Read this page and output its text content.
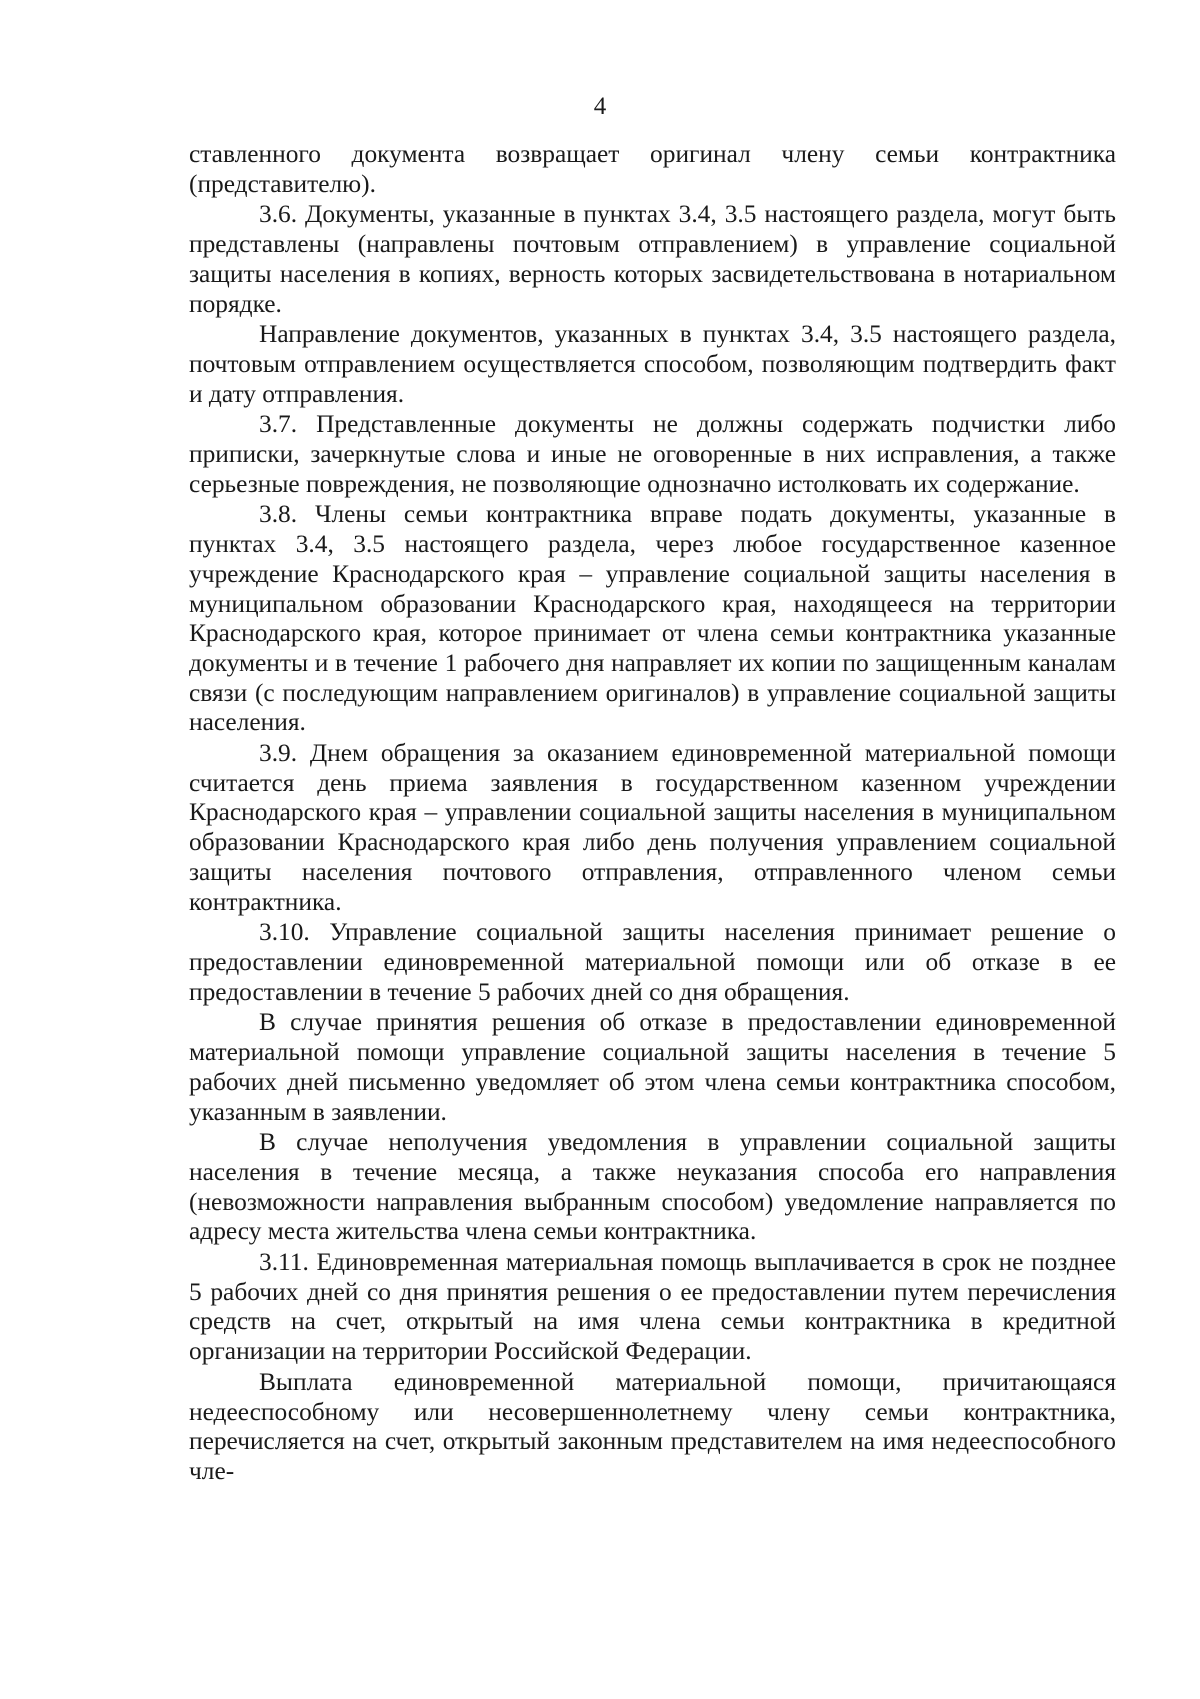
4

ставленного документа возвращает оригинал члену семьи контрактника (представителю).

3.6. Документы, указанные в пунктах 3.4, 3.5 настоящего раздела, могут быть представлены (направлены почтовым отправлением) в управление социальной защиты населения в копиях, верность которых засвидетельствована в нотариальном порядке.

Направление документов, указанных в пунктах 3.4, 3.5 настоящего раздела, почтовым отправлением осуществляется способом, позволяющим подтвердить факт и дату отправления.

3.7. Представленные документы не должны содержать подчистки либо приписки, зачеркнутые слова и иные не оговоренные в них исправления, а также серьезные повреждения, не позволяющие однозначно истолковать их содержание.

3.8. Члены семьи контрактника вправе подать документы, указанные в пунктах 3.4, 3.5 настоящего раздела, через любое государственное казенное учреждение Краснодарского края – управление социальной защиты населения в муниципальном образовании Краснодарского края, находящееся на территории Краснодарского края, которое принимает от члена семьи контрактника указанные документы и в течение 1 рабочего дня направляет их копии по защищенным каналам связи (с последующим направлением оригиналов) в управление социальной защиты населения.

3.9. Днем обращения за оказанием единовременной материальной помощи считается день приема заявления в государственном казенном учреждении Краснодарского края – управлении социальной защиты населения в муниципальном образовании Краснодарского края либо день получения управлением социальной защиты населения почтового отправления, отправленного членом семьи контрактника.

3.10. Управление социальной защиты населения принимает решение о предоставлении единовременной материальной помощи или об отказе в ее предоставлении в течение 5 рабочих дней со дня обращения.

В случае принятия решения об отказе в предоставлении единовременной материальной помощи управление социальной защиты населения в течение 5 рабочих дней письменно уведомляет об этом члена семьи контрактника способом, указанным в заявлении.

В случае неполучения уведомления в управлении социальной защиты населения в течение месяца, а также неуказания способа его направления (невозможности направления выбранным способом) уведомление направляется по адресу места жительства члена семьи контрактника.

3.11. Единовременная материальная помощь выплачивается в срок не позднее 5 рабочих дней со дня принятия решения о ее предоставлении путем перечисления средств на счет, открытый на имя члена семьи контрактника в кредитной организации на территории Российской Федерации.

Выплата единовременной материальной помощи, причитающаяся недееспособному или несовершеннолетнему члену семьи контрактника, перечисляется на счет, открытый законным представителем на имя недееспособного чле-
